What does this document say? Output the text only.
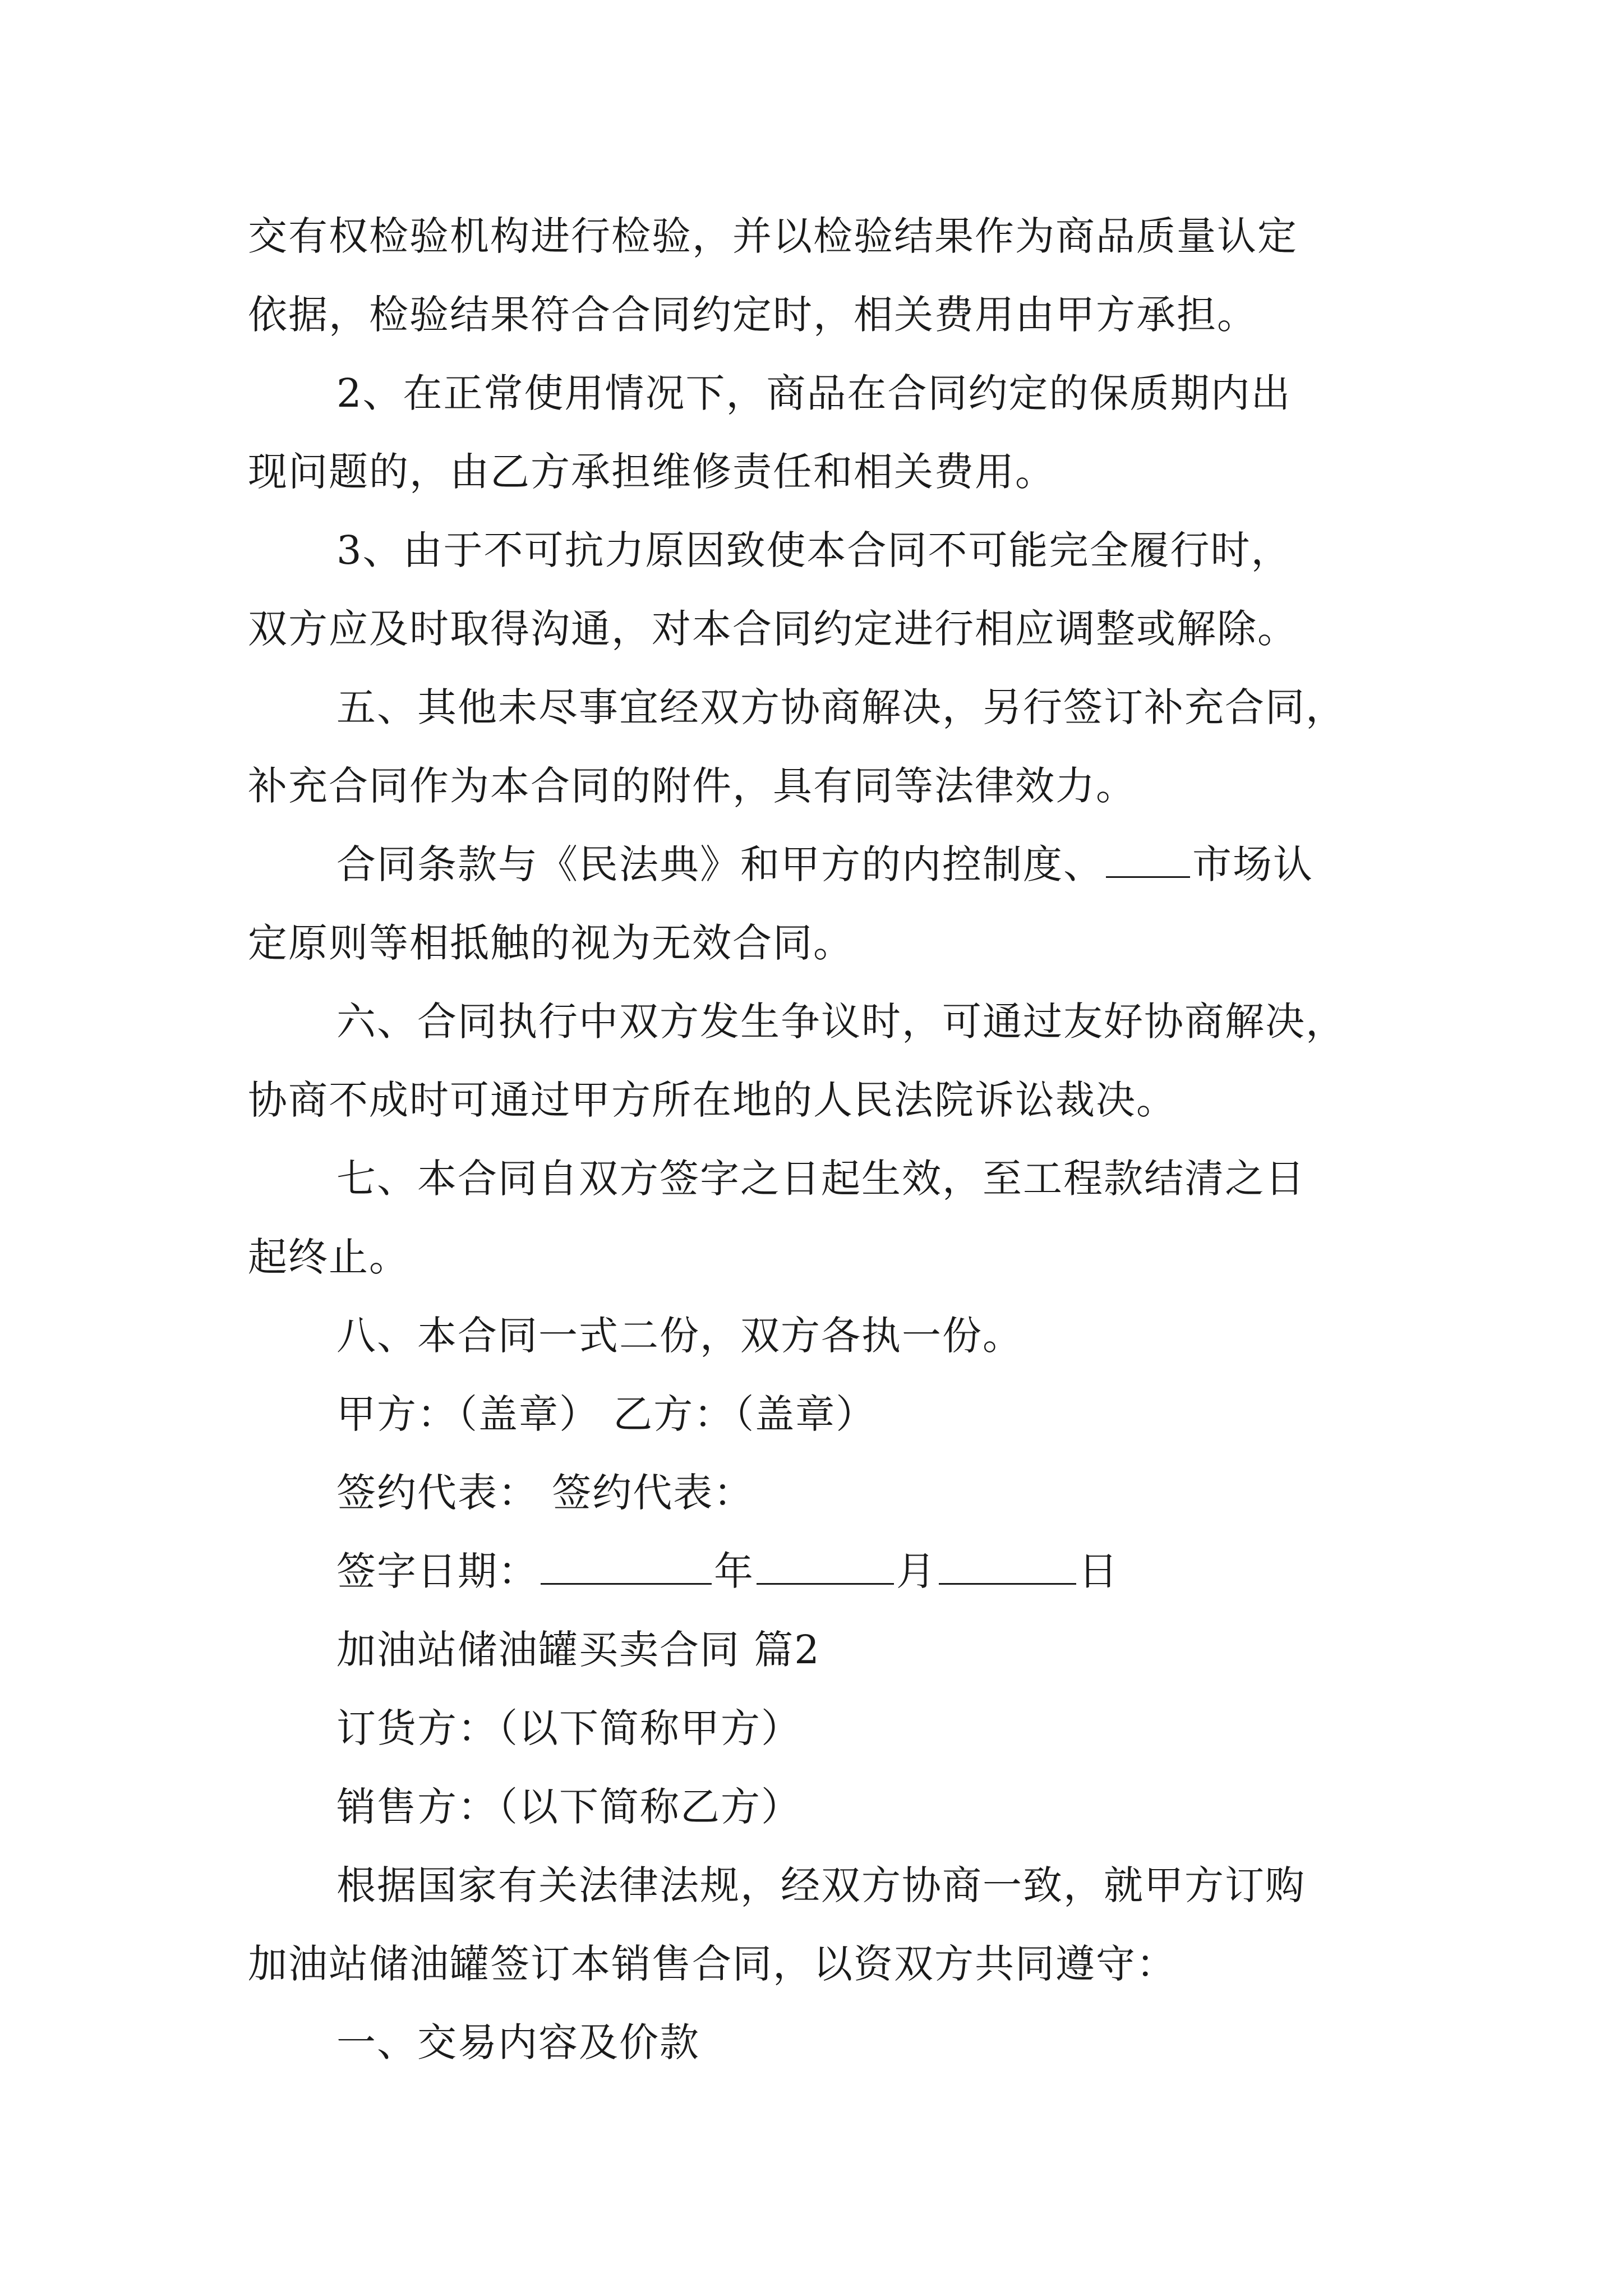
交有权检验机构进行检验，并以检验结果作为商品质量认定
依据，检验结果符合合同约定时，相关费用由甲方承担。
2、在正常使用情况下，商品在合同约定的保质期内出
现问题的，由乙方承担维修责任和相关费用。
3、由于不可抗力原因致使本合同不可能完全履行时，
双方应及时取得沟通，对本合同约定进行相应调整或解除。
五、其他未尽事宜经双方协商解决，另行签订补充合同，
补充合同作为本合同的附件，具有同等法律效力。
合同条款与《民法典》和甲方的内控制度、 市场认
定原则等相抵触的视为无效合同。
六、合同执行中双方发生争议时，可通过友好协商解决，
协商不成时可通过甲方所在地的人民法院诉讼裁决。
七、本合同自双方签字之日起生效，至工程款结清之日
起终止。
八、本合同一式二份，双方各执一份。
甲方：（盖章） 乙方：（盖章）
签约代表： 签约代表：
签字日期：	年	月	日
加油站储油罐买卖合同 篇2
订货方：（以下简称甲方）
销售方：（以下简称乙方）
根据国家有关法律法规，经双方协商一致，就甲方订购
加油站储油罐签订本销售合同，以资双方共同遵守：
一、交易内容及价款
